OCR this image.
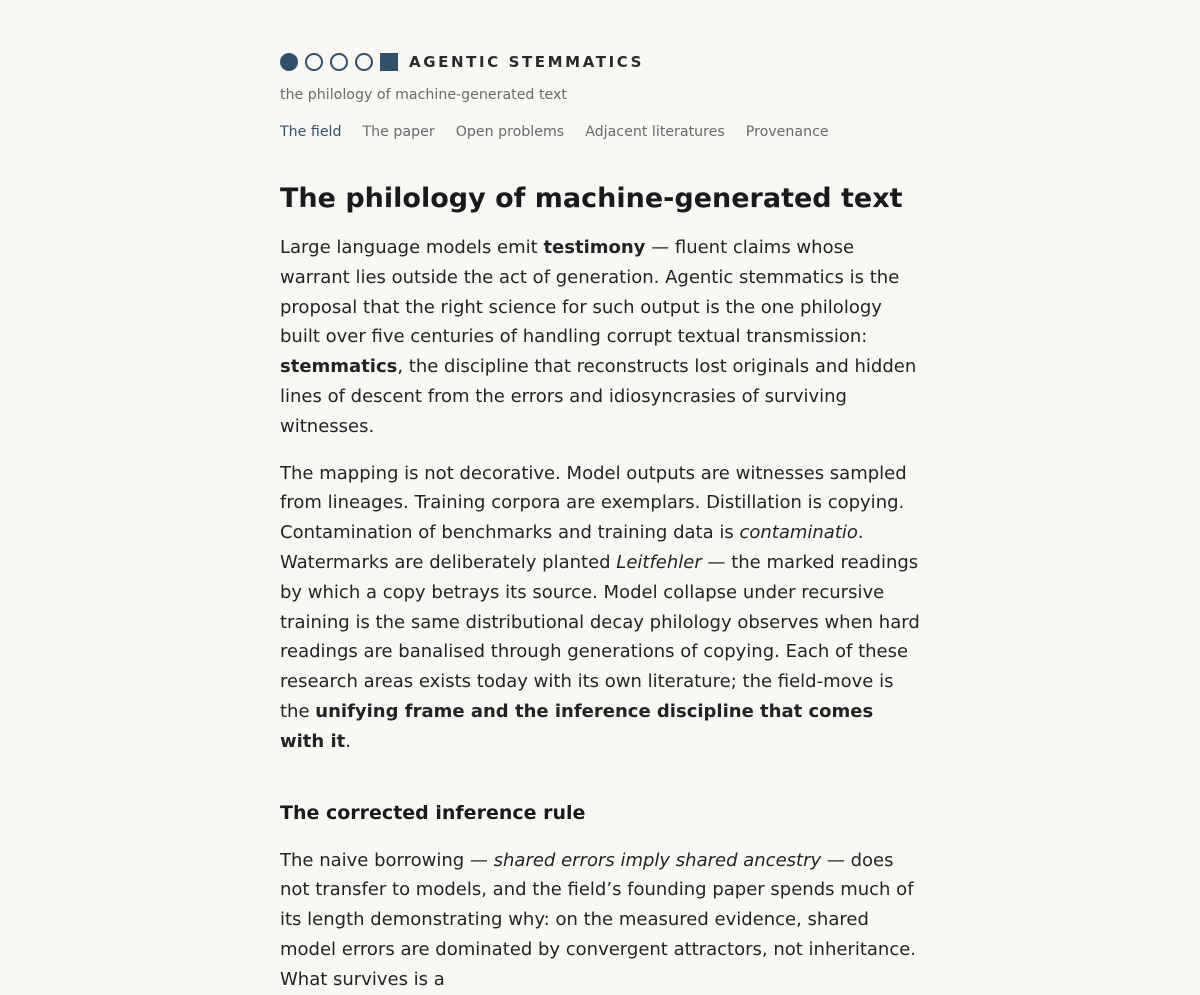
AGENTIC STEMMATICS
the philology of machine-generated text
The field The paper Open problems Adjacent literatures Provenance
The philology of machine-generated text

Large language models emit testimony — fluent claims whose warrant lies outside the act of generation. Agentic stemmatics is the proposal that the right science for such output is the one philology built over five centuries of handling corrupt textual transmission: stemmatics, the discipline that reconstructs lost originals and hidden lines of descent from the errors and idiosyncrasies of surviving witnesses.

The mapping is not decorative. Model outputs are witnesses sampled from lineages. Training corpora are exemplars. Distillation is copying. Contamination of benchmarks and training data is contaminatio. Watermarks are deliberately planted Leitfehler — the marked readings by which a copy betrays its source. Model collapse under recursive training is the same distributional decay philology observes when hard readings are banalised through generations of copying. Each of these research areas exists today with its own literature; the field-move is the unifying frame and the inference discipline that comes with it.

The corrected inference rule

The naive borrowing — shared errors imply shared ancestry — does not transfer to models, and the field’s founding paper spends much of its length demonstrating why: on the measured evidence, shared model errors are dominated by convergent attractors, not inheritance. What survives is a
